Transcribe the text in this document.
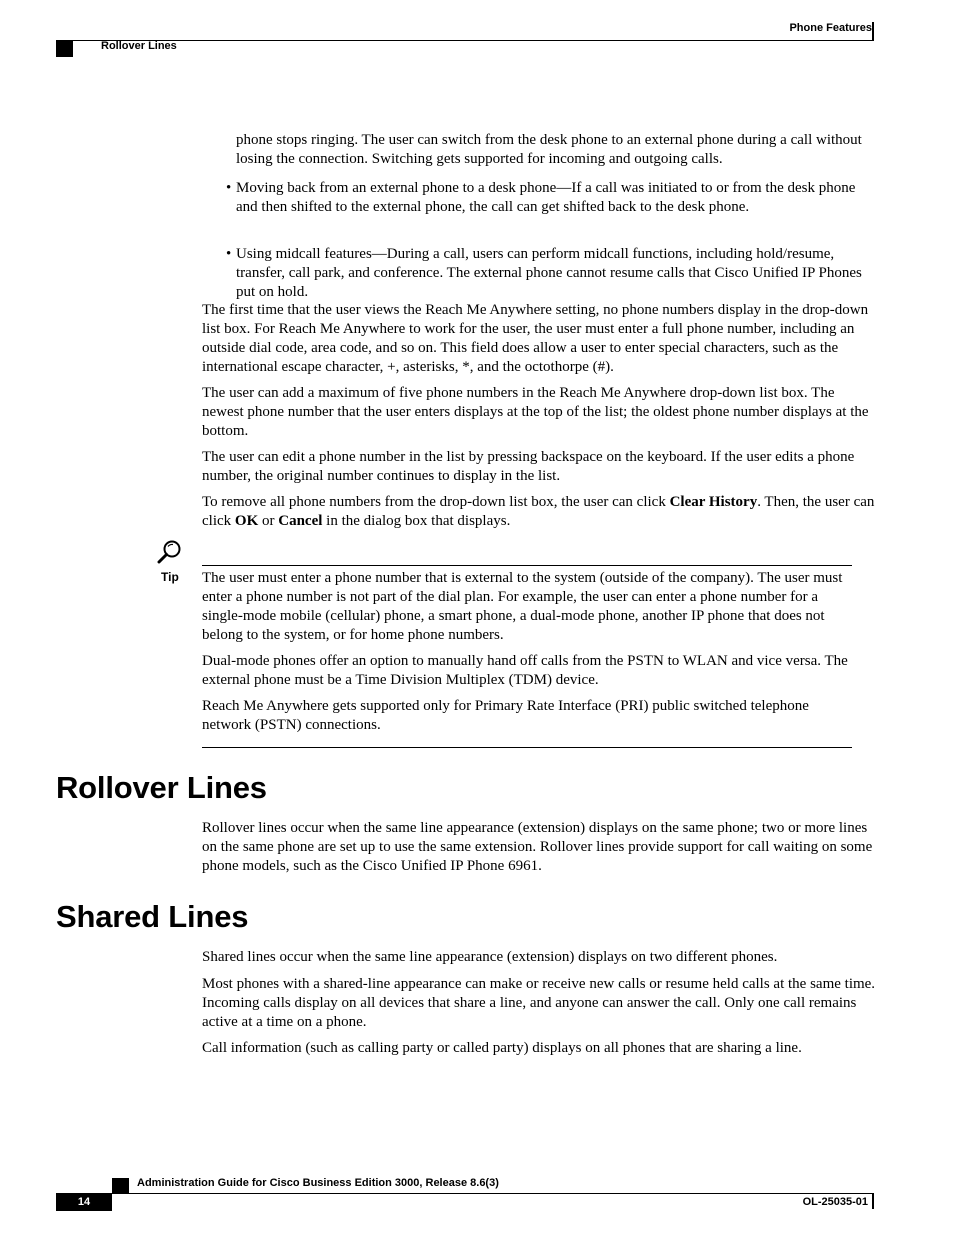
Phone Features
Rollover Lines

phone stops ringing. The user can switch from the desk phone to an external phone during a call without losing the connection. Switching gets supported for incoming and outgoing calls.

• Moving back from an external phone to a desk phone—If a call was initiated to or from the desk phone and then shifted to the external phone, the call can get shifted back to the desk phone.

• Using midcall features—During a call, users can perform midcall functions, including hold/resume, transfer, call park, and conference. The external phone cannot resume calls that Cisco Unified IP Phones put on hold.

The first time that the user views the Reach Me Anywhere setting, no phone numbers display in the drop-down list box. For Reach Me Anywhere to work for the user, the user must enter a full phone number, including an outside dial code, area code, and so on. This field does allow a user to enter special characters, such as the international escape character, +, asterisks, *, and the octothorpe (#).

The user can add a maximum of five phone numbers in the Reach Me Anywhere drop-down list box. The newest phone number that the user enters displays at the top of the list; the oldest phone number displays at the bottom.

The user can edit a phone number in the list by pressing backspace on the keyboard. If the user edits a phone number, the original number continues to display in the list.

To remove all phone numbers from the drop-down list box, the user can click Clear History. Then, the user can click OK or Cancel in the dialog box that displays.

Tip The user must enter a phone number that is external to the system (outside of the company). The user must enter a phone number is not part of the dial plan. For example, the user can enter a phone number for a single-mode mobile (cellular) phone, a smart phone, a dual-mode phone, another IP phone that does not belong to the system, or for home phone numbers.

Dual-mode phones offer an option to manually hand off calls from the PSTN to WLAN and vice versa. The external phone must be a Time Division Multiplex (TDM) device.

Reach Me Anywhere gets supported only for Primary Rate Interface (PRI) public switched telephone network (PSTN) connections.

Rollover Lines

Rollover lines occur when the same line appearance (extension) displays on the same phone; two or more lines on the same phone are set up to use the same extension. Rollover lines provide support for call waiting on some phone models, such as the Cisco Unified IP Phone 6961.

Shared Lines

Shared lines occur when the same line appearance (extension) displays on two different phones.

Most phones with a shared-line appearance can make or receive new calls or resume held calls at the same time. Incoming calls display on all devices that share a line, and anyone can answer the call. Only one call remains active at a time on a phone.

Call information (such as calling party or called party) displays on all phones that are sharing a line.

Administration Guide for Cisco Business Edition 3000, Release 8.6(3)
14	OL-25035-01
